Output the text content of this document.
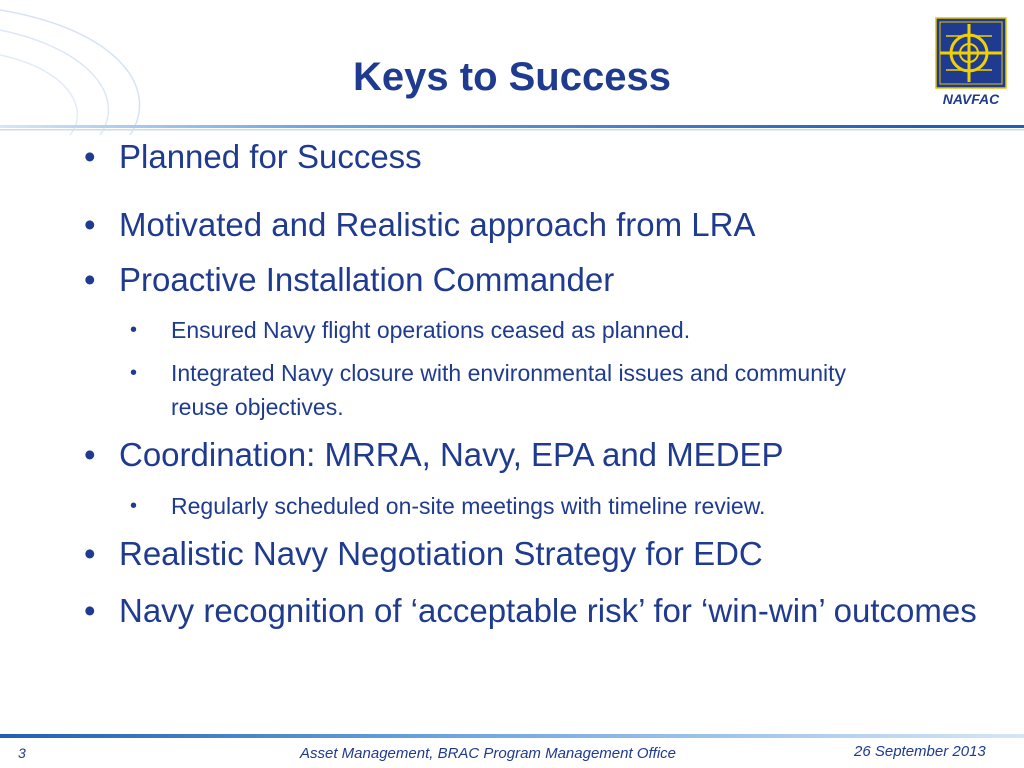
Keys to Success	NAVFAC
• Planned for Success
• Motivated and Realistic approach from LRA
• Proactive Installation Commander
•	Ensured Navy flight operations ceased as planned.
•	Integrated Navy closure with environmental issues and community reuse objectives.
• Coordination: MRRA, Navy, EPA and MEDEP
•	Regularly scheduled on-site meetings with timeline review.
• Realistic Navy Negotiation Strategy for EDC
• Navy recognition of ‘acceptable risk’ for ‘win-win’ outcomes
3	Asset Management, BRAC Program Management Office	26 September 2013
